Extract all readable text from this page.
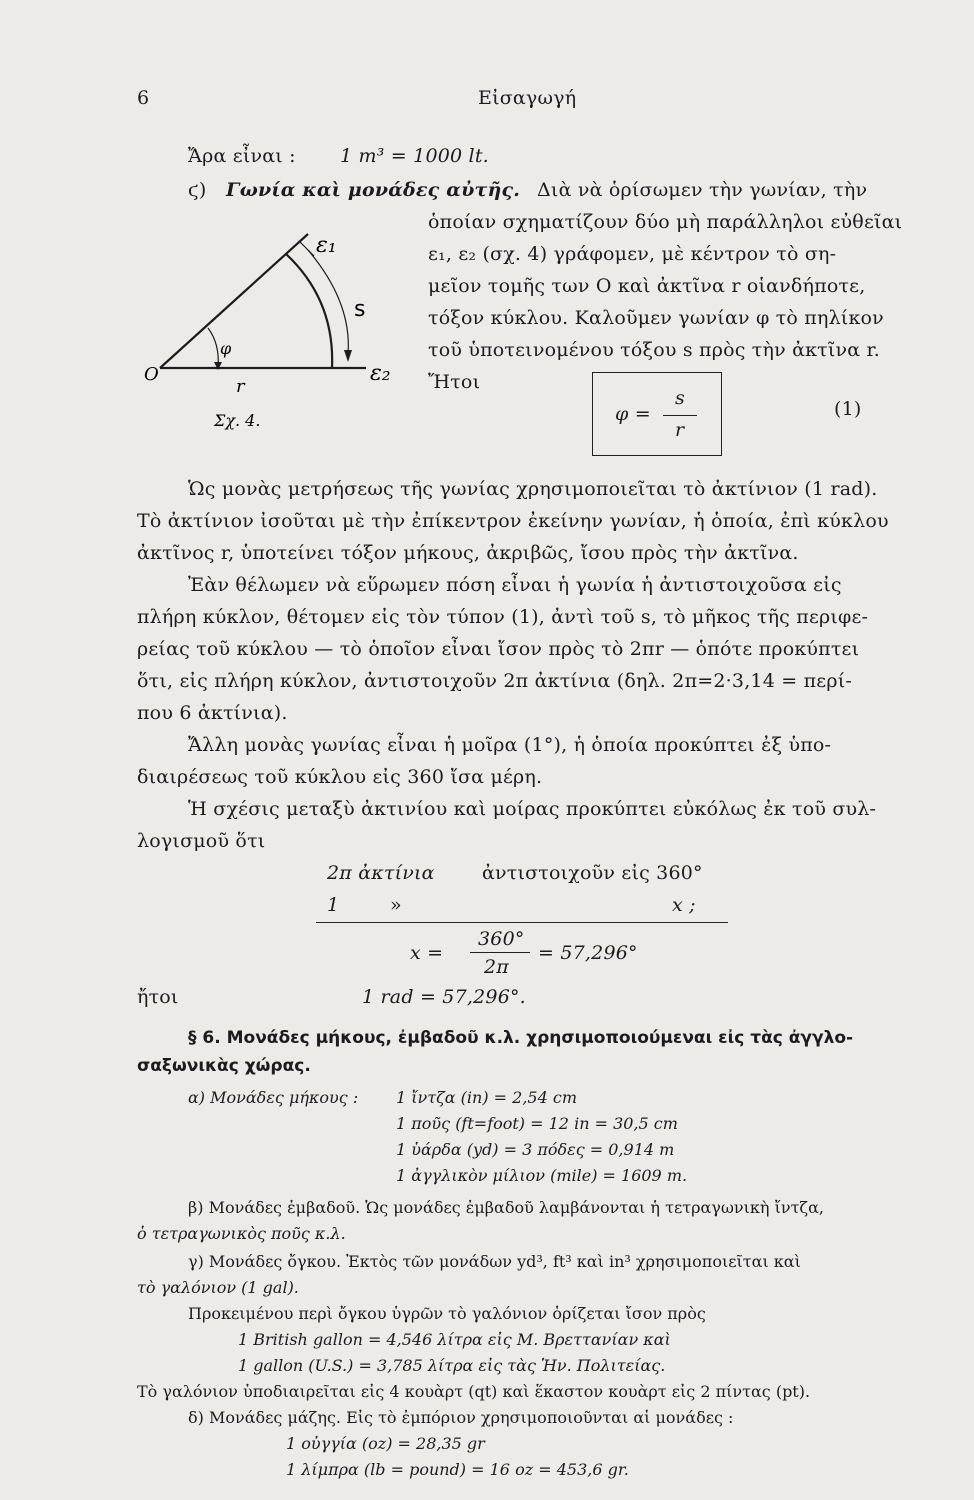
6	Εἰσαγωγή
Ἄρα εἶναι : 1 m³ = 1000 lt.
ϛ) Γωνία καὶ μονάδες αὐτῆς. Διὰ νὰ ὁρίσωμεν τὴν γωνίαν, τὴν
ὁποίαν σχηματίζουν δύο μὴ παράλληλοι εὐθεῖαι
ε₁, ε₂ (σχ. 4) γράφομεν, μὲ κέντρον τὸ ση-
μεῖον τομῆς των O καὶ ἀκτῖνα r οἱανδήποτε,
τόξον κύκλου. Καλοῦμεν γωνίαν φ τὸ πηλίκον
τοῦ ὑποτεινομένου τόξου s πρὸς τὴν ἀκτῖνα r.
Ἤτοι
φ =
s
r
(1)
ε₁
s
ε₂
O
r
φ
Σχ. 4.
Ὡς μονὰς μετρήσεως τῆς γωνίας χρησιμοποιεῖται τὸ ἀκτίνιον (1 rad).
Τὸ ἀκτίνιον ἰσοῦται μὲ τὴν ἐπίκεντρον ἐκείνην γωνίαν, ἡ ὁποία, ἐπὶ κύκλου
ἀκτῖνος r, ὑποτείνει τόξον μήκους, ἀκριβῶς, ἴσου πρὸς τὴν ἀκτῖνα.
Ἐὰν θέλωμεν νὰ εὕρωμεν πόση εἶναι ἡ γωνία ἡ ἀντιστοιχοῦσα εἰς
πλήρη κύκλον, θέτομεν εἰς τὸν τύπον (1), ἀντὶ τοῦ s, τὸ μῆκος τῆς περιφε-
ρείας τοῦ κύκλου — τὸ ὁποῖον εἶναι ἴσον πρὸς τὸ 2πr — ὁπότε προκύπτει
ὅτι, εἰς πλήρη κύκλον, ἀντιστοιχοῦν 2π ἀκτίνια (δηλ. 2π=2·3,14 = περί-
που 6 ἀκτίνια).
Ἄλλη μονὰς γωνίας εἶναι ἡ μοῖρα (1°), ἡ ὁποία προκύπτει ἐξ ὑπο-
διαιρέσεως τοῦ κύκλου εἰς 360 ἴσα μέρη.
Ἡ σχέσις μεταξὺ ἀκτινίου καὶ μοίρας προκύπτει εὐκόλως ἐκ τοῦ συλ-
λογισμοῦ ὅτι
2π ἀκτίνια ἀντιστοιχοῦν εἰς 360°
1	»	x ;
x =
360°
2π
= 57,296°
ἤτοι	1 rad = 57,296°.
§ 6. Μονάδες μήκους, ἐμβαδοῦ κ.λ. χρησιμοποιούμεναι εἰς τὰς ἀγγλο-
σαξωνικὰς χώρας.
α) Μονάδες μήκους : 1 ἴντζα (in) = 2,54 cm
1 ποῦς (ft=foot) = 12 in = 30,5 cm
1 ὑάρδα (yd) = 3 πόδες = 0,914 m
1 ἀγγλικὸν μίλιον (mile) = 1609 m.
β) Μονάδες ἐμβαδοῦ. Ὡς μονάδες ἐμβαδοῦ λαμβάνονται ἡ τετραγωνικὴ ἴντζα,
ὁ τετραγωνικὸς ποῦς κ.λ.
γ) Μονάδες ὄγκου. Ἐκτὸς τῶν μονάδων yd³, ft³ καὶ in³ χρησιμοποιεῖται καὶ
τὸ γαλόνιον (1 gal).
Προκειμένου περὶ ὄγκου ὑγρῶν τὸ γαλόνιον ὁρίζεται ἴσον πρὸς
1 British gallon = 4,546 λίτρα εἰς Μ. Βρεττανίαν καὶ
1 gallon (U.S.) = 3,785 λίτρα εἰς τὰς Ἡν. Πολιτείας.
Τὸ γαλόνιον ὑποδιαιρεῖται εἰς 4 κουὰρτ (qt) καὶ ἕκαστον κουὰρτ εἰς 2 πίντας (pt).
δ) Μονάδες μάζης. Εἰς τὸ ἐμπόριον χρησιμοποιοῦνται αἱ μονάδες :
1 οὐγγία (oz) = 28,35 gr
1 λίμπρα (lb = pound) = 16 oz = 453,6 gr.
